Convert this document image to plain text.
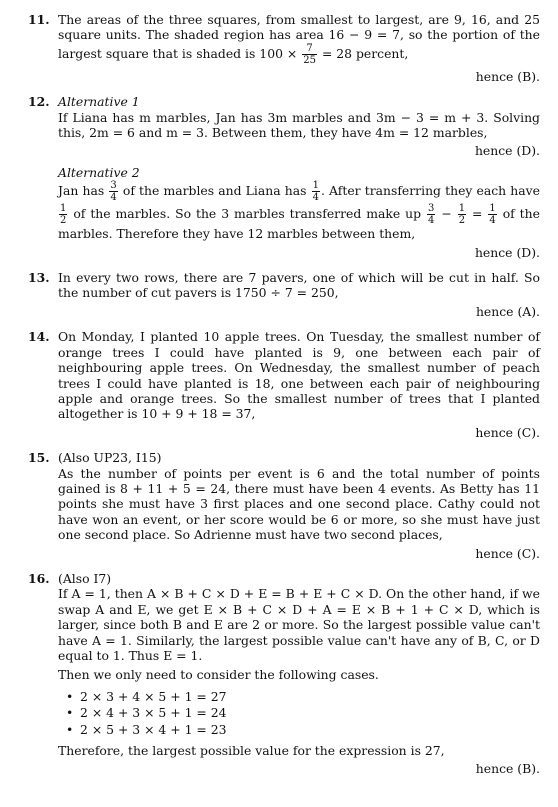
11. The areas of the three squares, from smallest to largest, are 9, 16, and 25 square units. The shaded region has area 16 − 9 = 7, so the portion of the largest square that is shaded is $100 \times \frac{7}{25} = 28$ percent,

hence (B).

12. Alternative 1

If Liana has m marbles, Jan has 3m marbles and 3m − 3 = m + 3. Solving this, 2m = 6 and m = 3. Between them, they have 4m = 12 marbles,

hence (D).

Alternative 2

Jan has $\frac{3}{4}$ of the marbles and Liana has $\frac{1}{4}$ . After transferring they each have
$\frac{1}{2}$ of the marbles. So the 3 marbles transferred make up $\frac{3}{4} - \frac{1}{2} = \frac{1}{4}$ of the marbles. Therefore they have 12 marbles between them,

hence (D).

13. In every two rows, there are 7 pavers, one of which will be cut in half. So the number of cut pavers is 1750 ÷ 7 = 250,

hence (A).

14. On Monday, I planted 10 apple trees. On Tuesday, the smallest number of orange trees I could have planted is 9, one between each pair of neighbouring apple trees. On Wednesday, the smallest number of peach trees I could have planted is 18, one between each pair of neighbouring apple and orange trees. So the smallest number of trees that I planted altogether is 10 + 9 + 18 = 37,

hence (C).

15. (Also UP23, I15)

As the number of points per event is 6 and the total number of points gained is 8 + 11 + 5 = 24, there must have been 4 events. As Betty has 11 points she must have 3 first places and one second place. Cathy could not have won an event, or her score would be 6 or more, so she must have just one second place. So Adrienne must have two second places,

hence (C).

16. (Also I7)

If A = 1, then A × B + C × D + E = B + E + C × D. On the other hand, if we swap A and E, we get E × B + C × D + A = E × B + 1 + C × D, which is larger, since both B and E are 2 or more. So the largest possible value can't have A = 1. Similarly, the largest possible value can't have any of B, C, or D equal to 1. Thus E = 1.

Then we only need to consider the following cases.

• 2 × 3 + 4 × 5 + 1 = 27
• 2 × 4 + 3 × 5 + 1 = 24
• 2 × 5 + 3 × 4 + 1 = 23

Therefore, the largest possible value for the expression is 27,

hence (B).
